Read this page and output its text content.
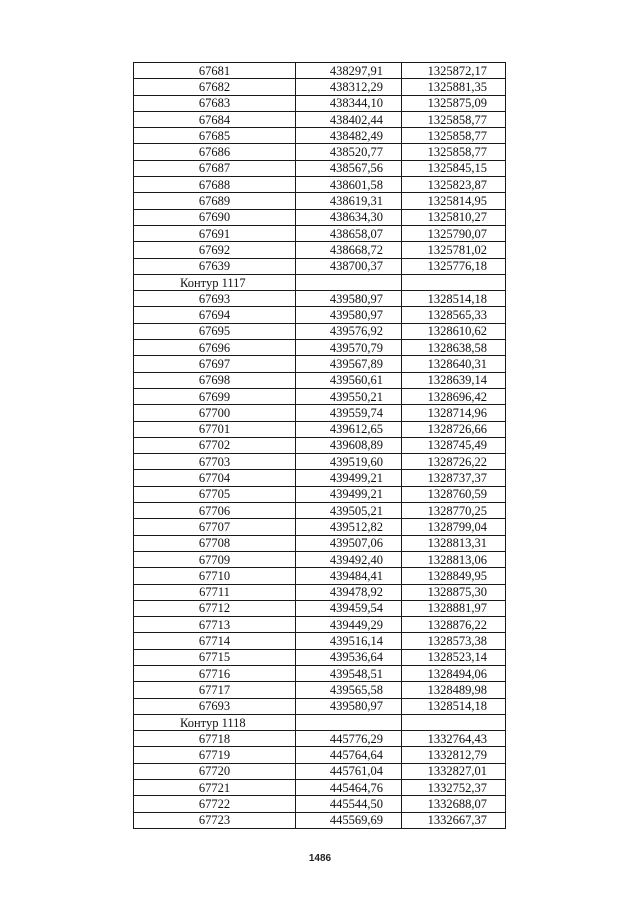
67681	438297,91	1325872,17
67682	438312,29	1325881,35
67683	438344,10	1325875,09
67684	438402,44	1325858,77
67685	438482,49	1325858,77
67686	438520,77	1325858,77
67687	438567,56	1325845,15
67688	438601,58	1325823,87
67689	438619,31	1325814,95
67690	438634,30	1325810,27
67691	438658,07	1325790,07
67692	438668,72	1325781,02
67639	438700,37	1325776,18
Контур 1117		
67693	439580,97	1328514,18
67694	439580,97	1328565,33
67695	439576,92	1328610,62
67696	439570,79	1328638,58
67697	439567,89	1328640,31
67698	439560,61	1328639,14
67699	439550,21	1328696,42
67700	439559,74	1328714,96
67701	439612,65	1328726,66
67702	439608,89	1328745,49
67703	439519,60	1328726,22
67704	439499,21	1328737,37
67705	439499,21	1328760,59
67706	439505,21	1328770,25
67707	439512,82	1328799,04
67708	439507,06	1328813,31
67709	439492,40	1328813,06
67710	439484,41	1328849,95
67711	439478,92	1328875,30
67712	439459,54	1328881,97
67713	439449,29	1328876,22
67714	439516,14	1328573,38
67715	439536,64	1328523,14
67716	439548,51	1328494,06
67717	439565,58	1328489,98
67693	439580,97	1328514,18
Контур 1118		
67718	445776,29	1332764,43
67719	445764,64	1332812,79
67720	445761,04	1332827,01
67721	445464,76	1332752,37
67722	445544,50	1332688,07
67723	445569,69	1332667,37
1486
